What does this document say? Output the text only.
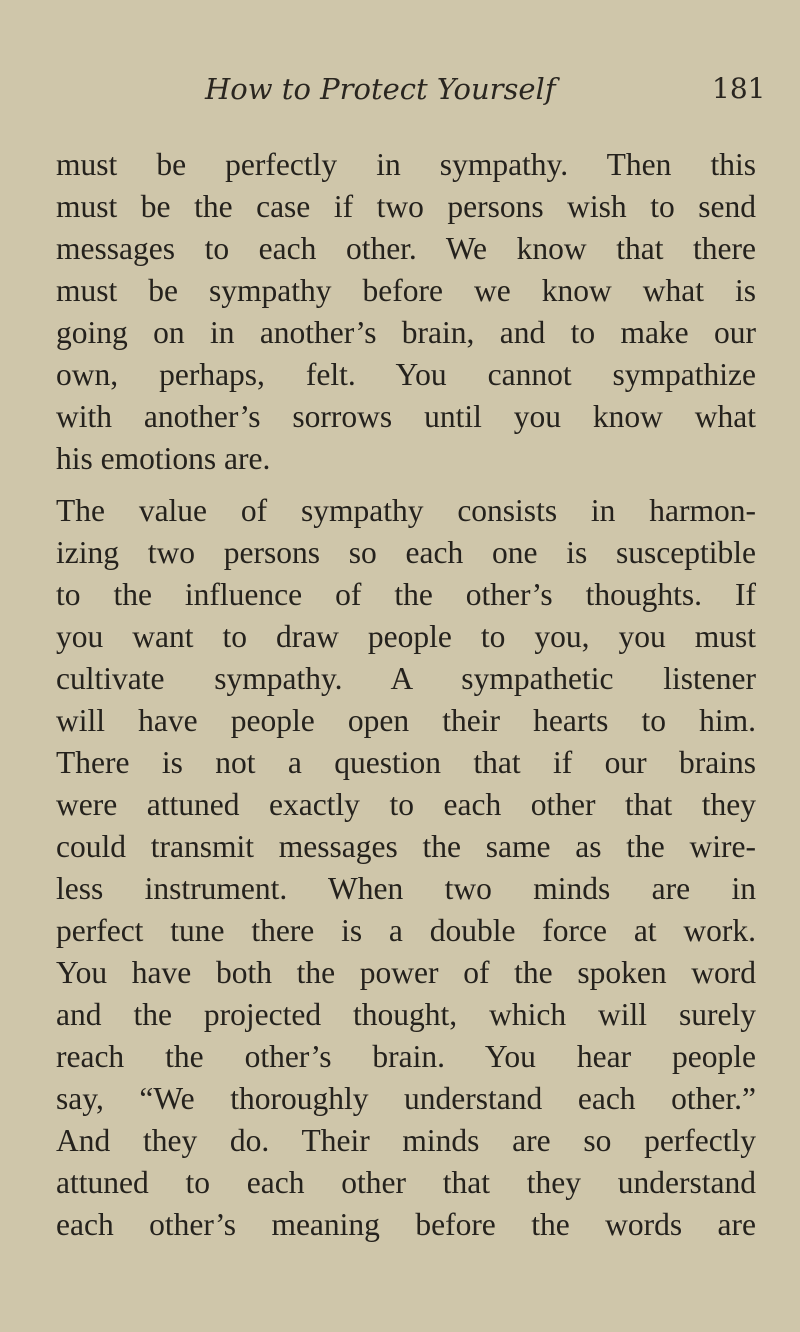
How to Protect Yourself	181
must be perfectly in sympathy. Then this
must be the case if two persons wish to send
messages to each other. We know that there
must be sympathy before we know what is
going on in another’s brain, and to make our
own, perhaps, felt. You cannot sympathize
with another’s sorrows until you know what
his emotions are.
The value of sympathy consists in harmon-
izing two persons so each one is susceptible
to the influence of the other’s thoughts. If
you want to draw people to you, you must
cultivate sympathy. A sympathetic listener
will have people open their hearts to him.
There is not a question that if our brains
were attuned exactly to each other that they
could transmit messages the same as the wire-
less instrument. When two minds are in
perfect tune there is a double force at work.
You have both the power of the spoken word
and the projected thought, which will surely
reach the other’s brain. You hear people
say, “We thoroughly understand each other.”
And they do. Their minds are so perfectly
attuned to each other that they understand
each other’s meaning before the words are
